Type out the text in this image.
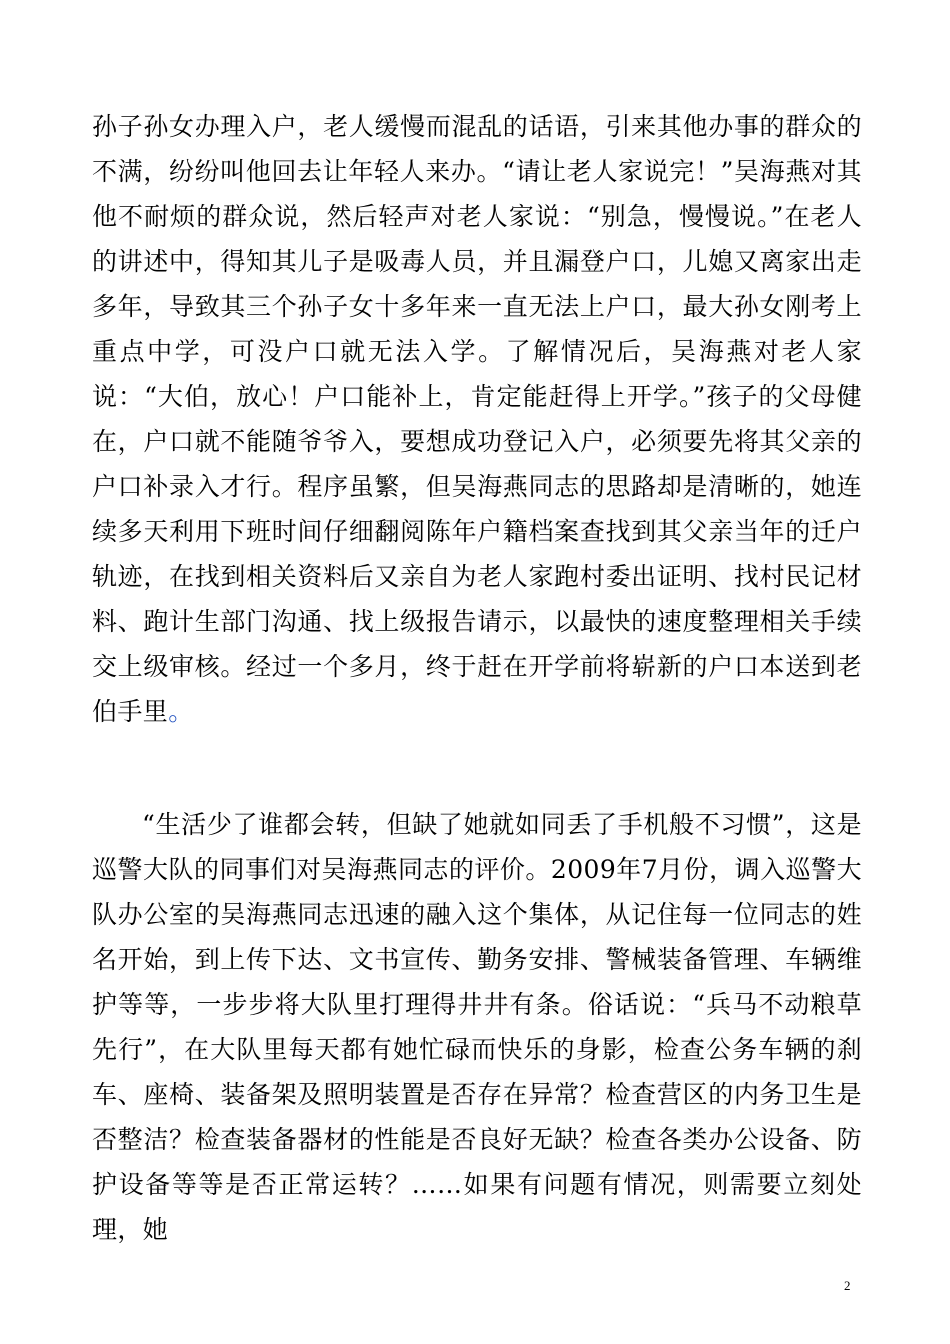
孙子孙女办理入户，老人缓慢而混乱的话语，引来其他办事的群众的不满，纷纷叫他回去让年轻人来办。“请让老人家说完！”吴海燕对其他不耐烦的群众说，然后轻声对老人家说：“别急，慢慢说。”在老人的讲述中，得知其儿子是吸毒人员，并且漏登户口，儿媳又离家出走多年，导致其三个孙子女十多年来一直无法上户口，最大孙女刚考上重点中学，可没户口就无法入学。了解情况后，吴海燕对老人家说：“大伯，放心！户口能补上，肯定能赶得上开学。”孩子的父母健在，户口就不能随爷爷入，要想成功登记入户，必须要先将其父亲的户口补录入才行。程序虽繁，但吴海燕同志的思路却是清晰的，她连续多天利用下班时间仔细翻阅陈年户籍档案查找到其父亲当年的迁户轨迹，在找到相关资料后又亲自为老人家跑村委出证明、找村民记材料、跑计生部门沟通、找上级报告请示，以最快的速度整理相关手续交上级审核。经过一个多月，终于赶在开学前将崭新的户口本送到老伯手里。

“生活少了谁都会转，但缺了她就如同丢了手机般不习惯”，这是巡警大队的同事们对吴海燕同志的评价。2009年7月份，调入巡警大队办公室的吴海燕同志迅速的融入这个集体，从记住每一位同志的姓名开始，到上传下达、文书宣传、勤务安排、警械装备管理、车辆维护等等，一步步将大队里打理得井井有条。俗话说：“兵马不动粮草先行”，在大队里每天都有她忙碌而快乐的身影，检查公务车辆的刹车、座椅、装备架及照明装置是否存在异常？检查营区的内务卫生是否整洁？检查装备器材的性能是否良好无缺？检查各类办公设备、防护设备等等是否正常运转？……如果有问题有情况，则需要立刻处理，她

2
